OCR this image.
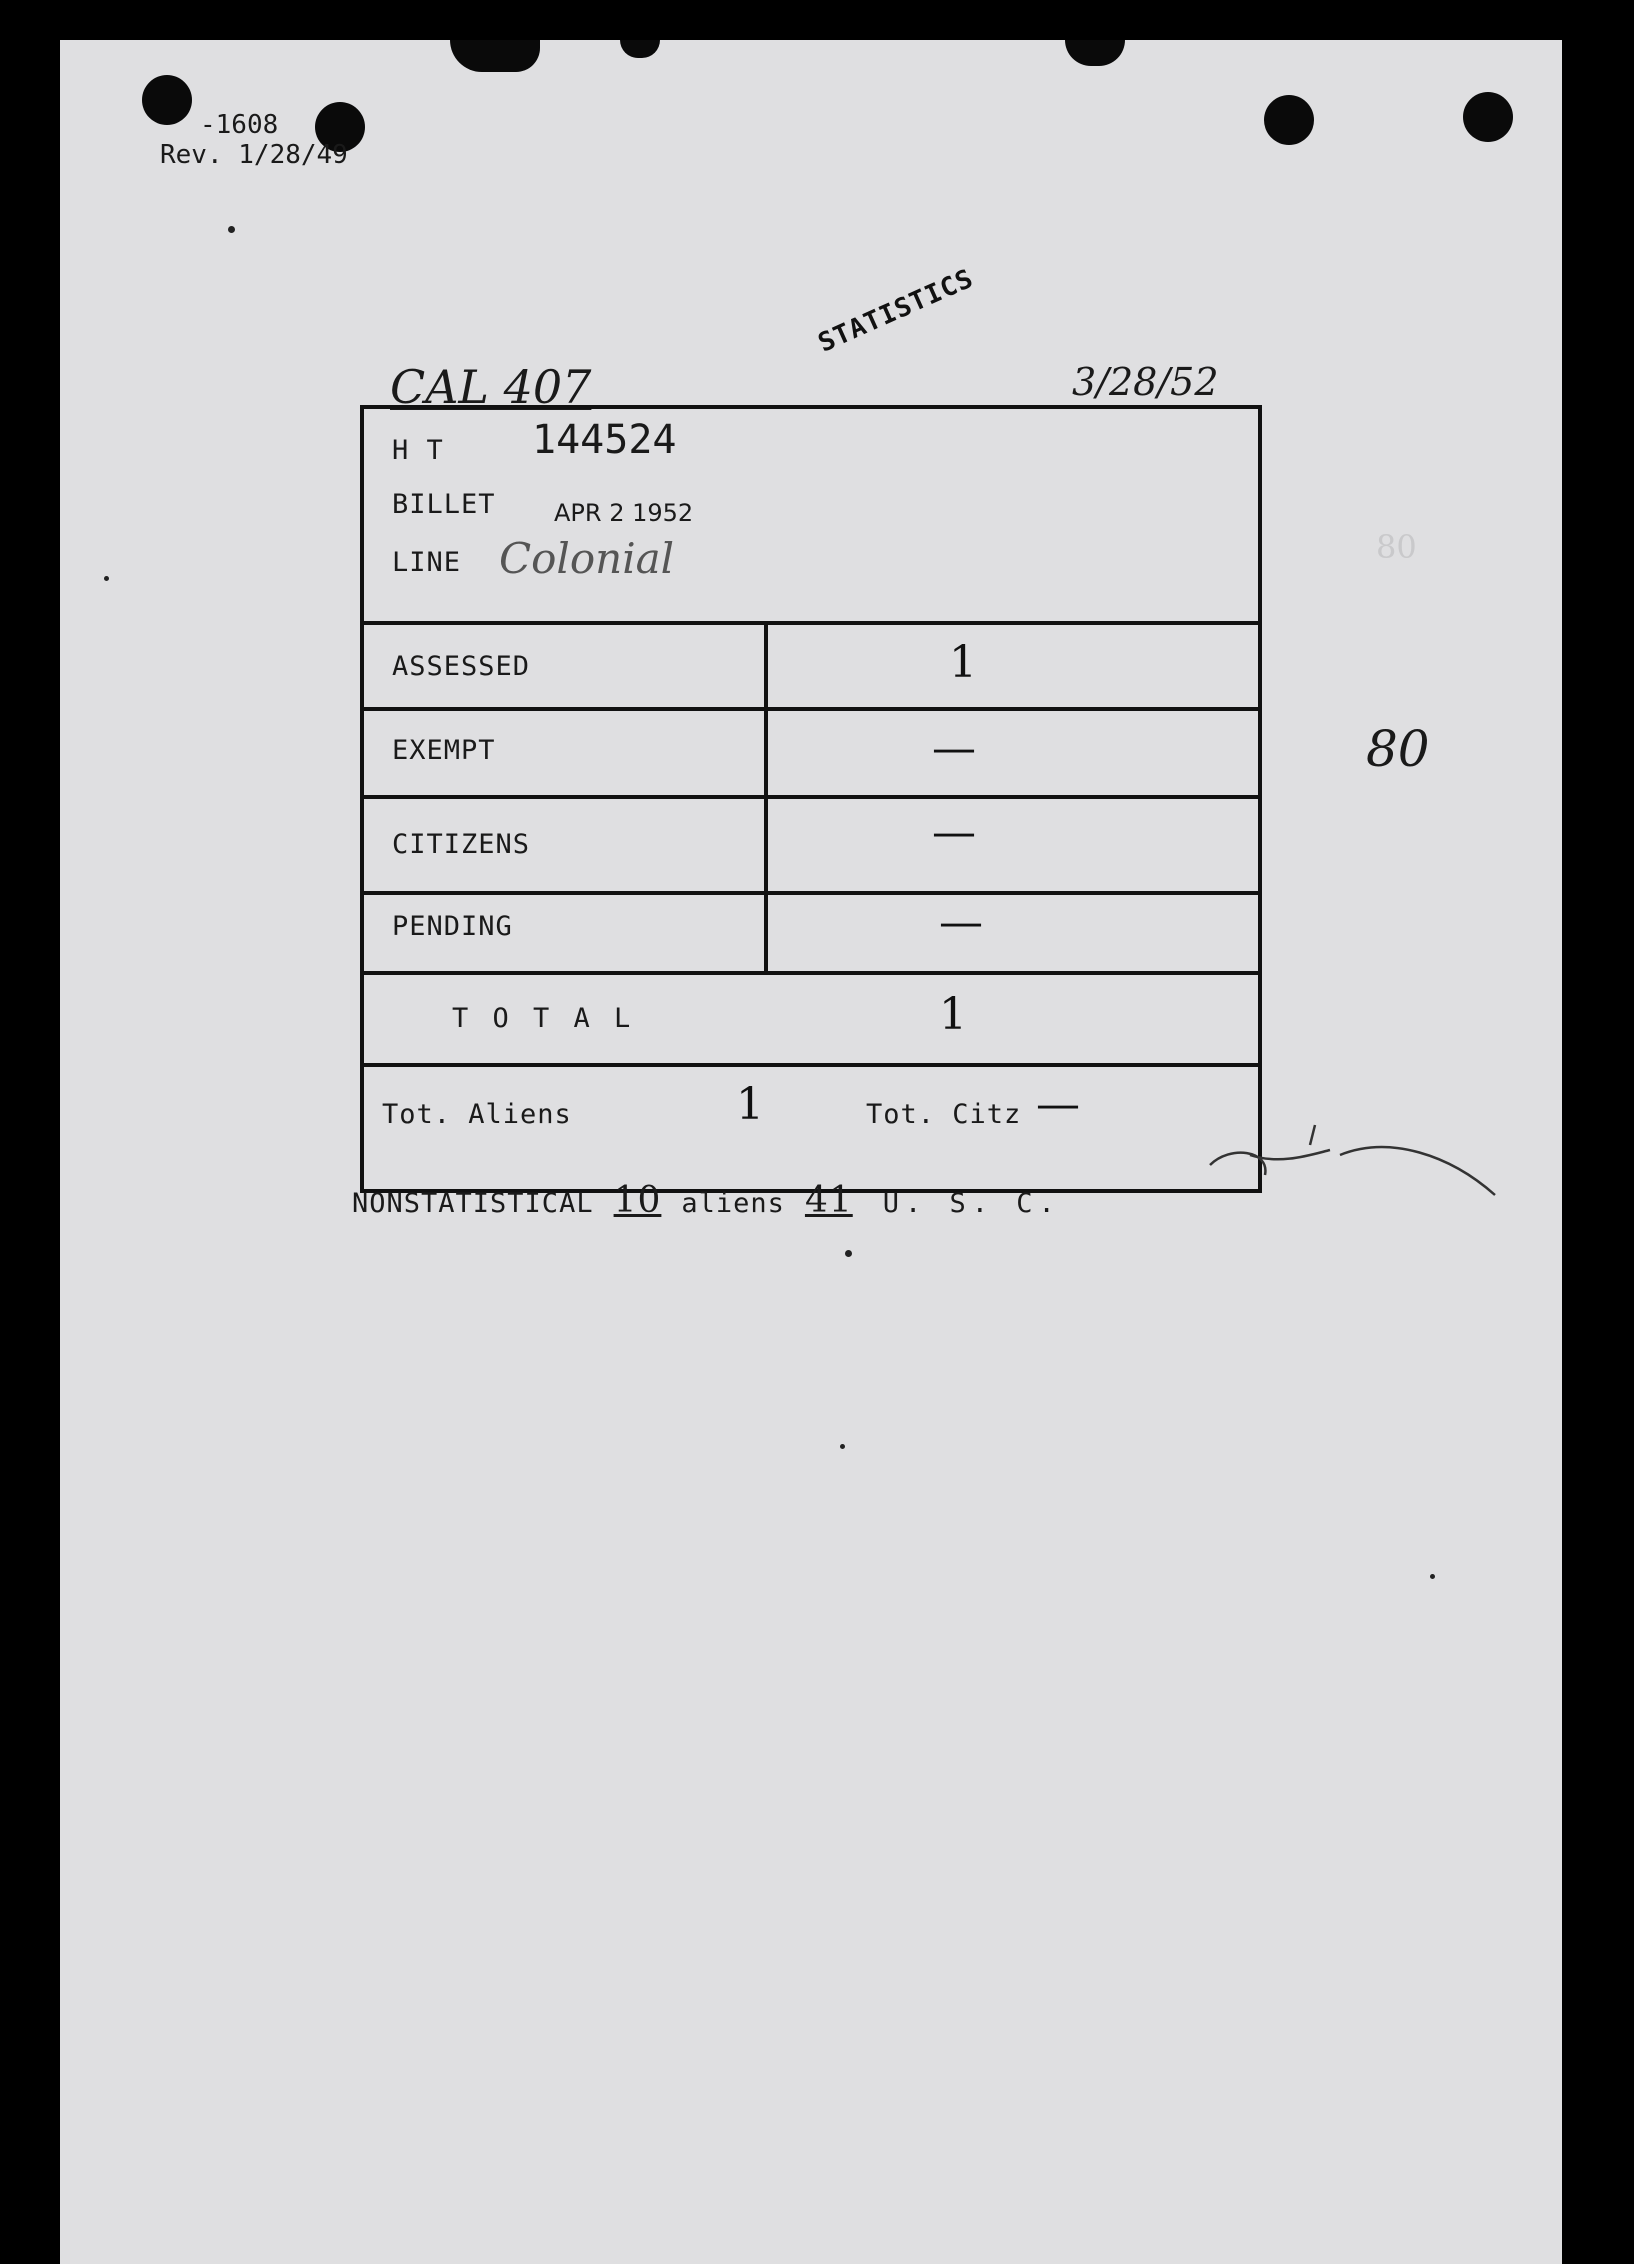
-1608
Rev. 1/28/49
STATISTICS
CAL 407	3/28/52
H T 144524
BILLET APR 2 1952
LINE Colonial
ASSESSED	1
EXEMPT	—
CITIZENS	—
PENDING	—
T O T A L	1
Tot. Aliens	1	Tot. Citz —
80
80
NONSTATISTICAL 10 aliens 41 U. S. C.
